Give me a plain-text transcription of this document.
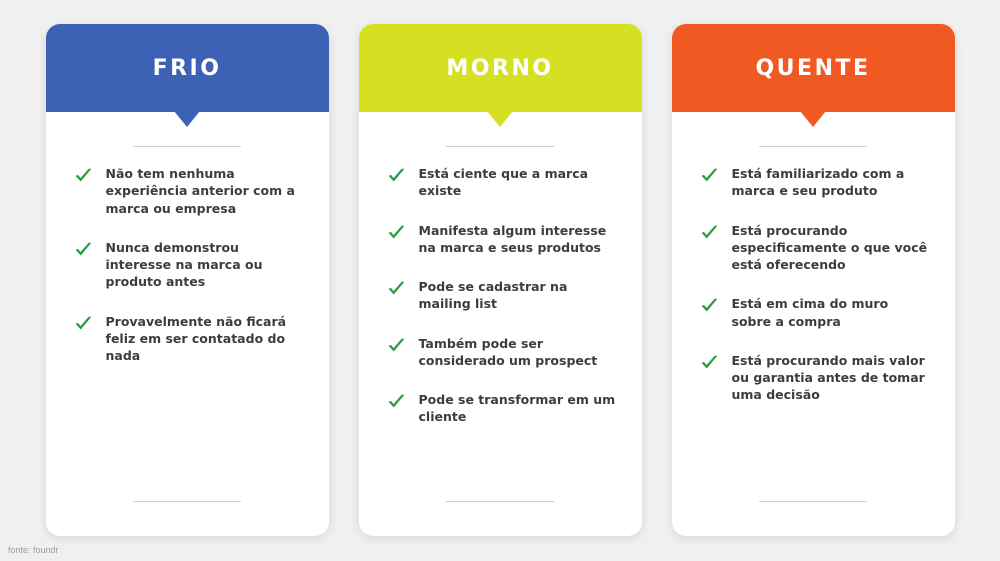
FRIO
Não tem nenhuma experiência anterior com a marca ou empresa
Nunca demonstrou interesse na marca ou produto antes
Provavelmente não ficará feliz em ser contatado do nada
MORNO
Está ciente que a marca existe
Manifesta algum interesse na marca e seus produtos
Pode se cadastrar na mailing list
Também pode ser considerado um prospect
Pode se transformar em um cliente
QUENTE
Está familiarizado com a marca e seu produto
Está procurando especificamente o que você está oferecendo
Está em cima do muro sobre a compra
Está procurando mais valor ou garantia antes de tomar uma decisão
fonte: foundr
